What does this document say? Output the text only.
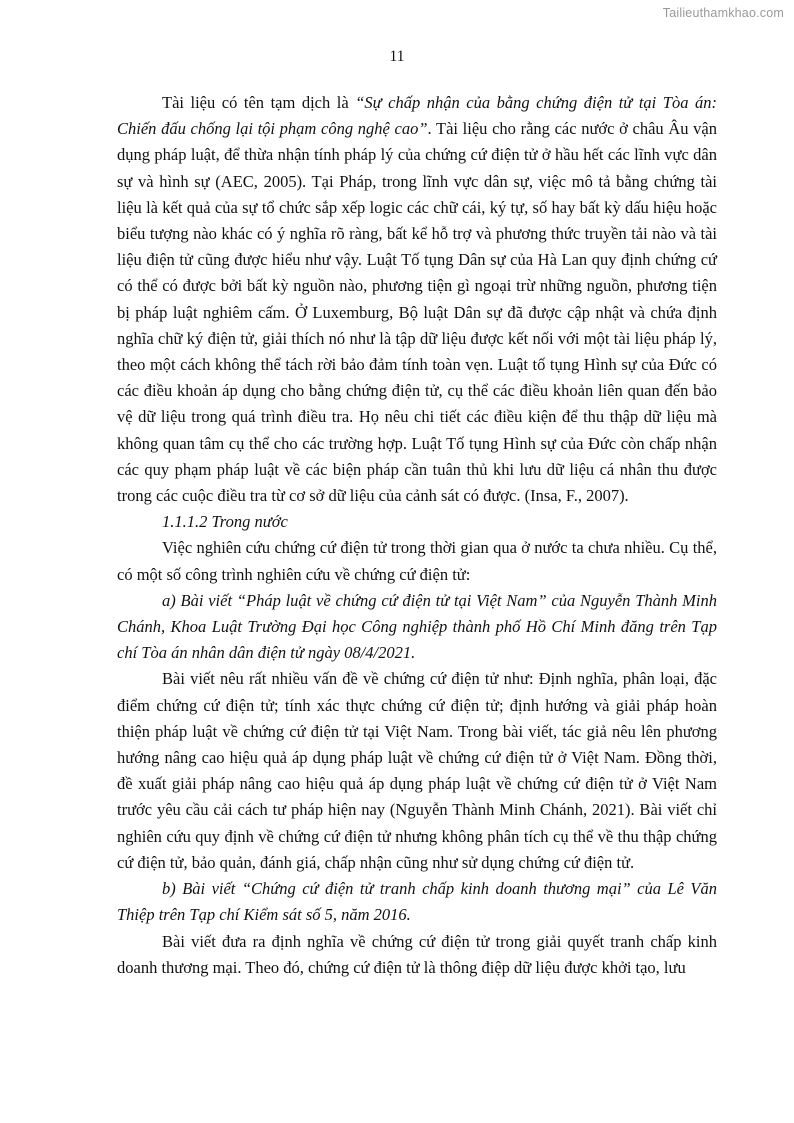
Tailieuthamkhao.com
11

Tài liệu có tên tạm dịch là “Sự chấp nhận của bằng chứng điện tử tại Tòa án: Chiến đấu chống lại tội phạm công nghệ cao”. Tài liệu cho rằng các nước ở châu Âu vận dụng pháp luật, để thừa nhận tính pháp lý của chứng cứ điện tử ở hầu hết các lĩnh vực dân sự và hình sự (AEC, 2005). Tại Pháp, trong lĩnh vực dân sự, việc mô tả bằng chứng tài liệu là kết quả của sự tổ chức sắp xếp logic các chữ cái, ký tự, số hay bất kỳ dấu hiệu hoặc biểu tượng nào khác có ý nghĩa rõ ràng, bất kể hỗ trợ và phương thức truyền tải nào và tài liệu điện tử cũng được hiểu như vậy. Luật Tố tụng Dân sự của Hà Lan quy định chứng cứ có thể có được bởi bất kỳ nguồn nào, phương tiện gì ngoại trừ những nguồn, phương tiện bị pháp luật nghiêm cấm. Ở Luxemburg, Bộ luật Dân sự đã được cập nhật và chứa định nghĩa chữ ký điện tử, giải thích nó như là tập dữ liệu được kết nối với một tài liệu pháp lý, theo một cách không thể tách rời bảo đảm tính toàn vẹn. Luật tố tụng Hình sự của Đức có các điều khoản áp dụng cho bằng chứng điện tử, cụ thể các điều khoản liên quan đến bảo vệ dữ liệu trong quá trình điều tra. Họ nêu chi tiết các điều kiện để thu thập dữ liệu mà không quan tâm cụ thể cho các trường hợp. Luật Tố tụng Hình sự của Đức còn chấp nhận các quy phạm pháp luật về các biện pháp cần tuân thủ khi lưu dữ liệu cá nhân thu được trong các cuộc điều tra từ cơ sở dữ liệu của cảnh sát có được. (Insa, F., 2007).

1.1.1.2 Trong nước

Việc nghiên cứu chứng cứ điện tử trong thời gian qua ở nước ta chưa nhiều. Cụ thể, có một số công trình nghiên cứu về chứng cứ điện tử:

a) Bài viết “Pháp luật về chứng cứ điện tử tại Việt Nam” của Nguyễn Thành Minh Chánh, Khoa Luật Trường Đại học Công nghiệp thành phố Hồ Chí Minh đăng trên Tạp chí Tòa án nhân dân điện tử ngày 08/4/2021.

Bài viết nêu rất nhiều vấn đề về chứng cứ điện tử như: Định nghĩa, phân loại, đặc điểm chứng cứ điện tử; tính xác thực chứng cứ điện tử; định hướng và giải pháp hoàn thiện pháp luật về chứng cứ điện tử tại Việt Nam. Trong bài viết, tác giả nêu lên phương hướng nâng cao hiệu quả áp dụng pháp luật về chứng cứ điện tử ở Việt Nam. Đồng thời, đề xuất giải pháp nâng cao hiệu quả áp dụng pháp luật về chứng cứ điện tử ở Việt Nam trước yêu cầu cải cách tư pháp hiện nay (Nguyễn Thành Minh Chánh, 2021). Bài viết chỉ nghiên cứu quy định về chứng cứ điện tử nhưng không phân tích cụ thể về thu thập chứng cứ điện tử, bảo quản, đánh giá, chấp nhận cũng như sử dụng chứng cứ điện tử.

b) Bài viết “Chứng cứ điện tử tranh chấp kinh doanh thương mại” của Lê Văn Thiệp trên Tạp chí Kiểm sát số 5, năm 2016.

Bài viết đưa ra định nghĩa về chứng cứ điện tử trong giải quyết tranh chấp kinh doanh thương mại. Theo đó, chứng cứ điện tử là thông điệp dữ liệu được khởi tạo, lưu
